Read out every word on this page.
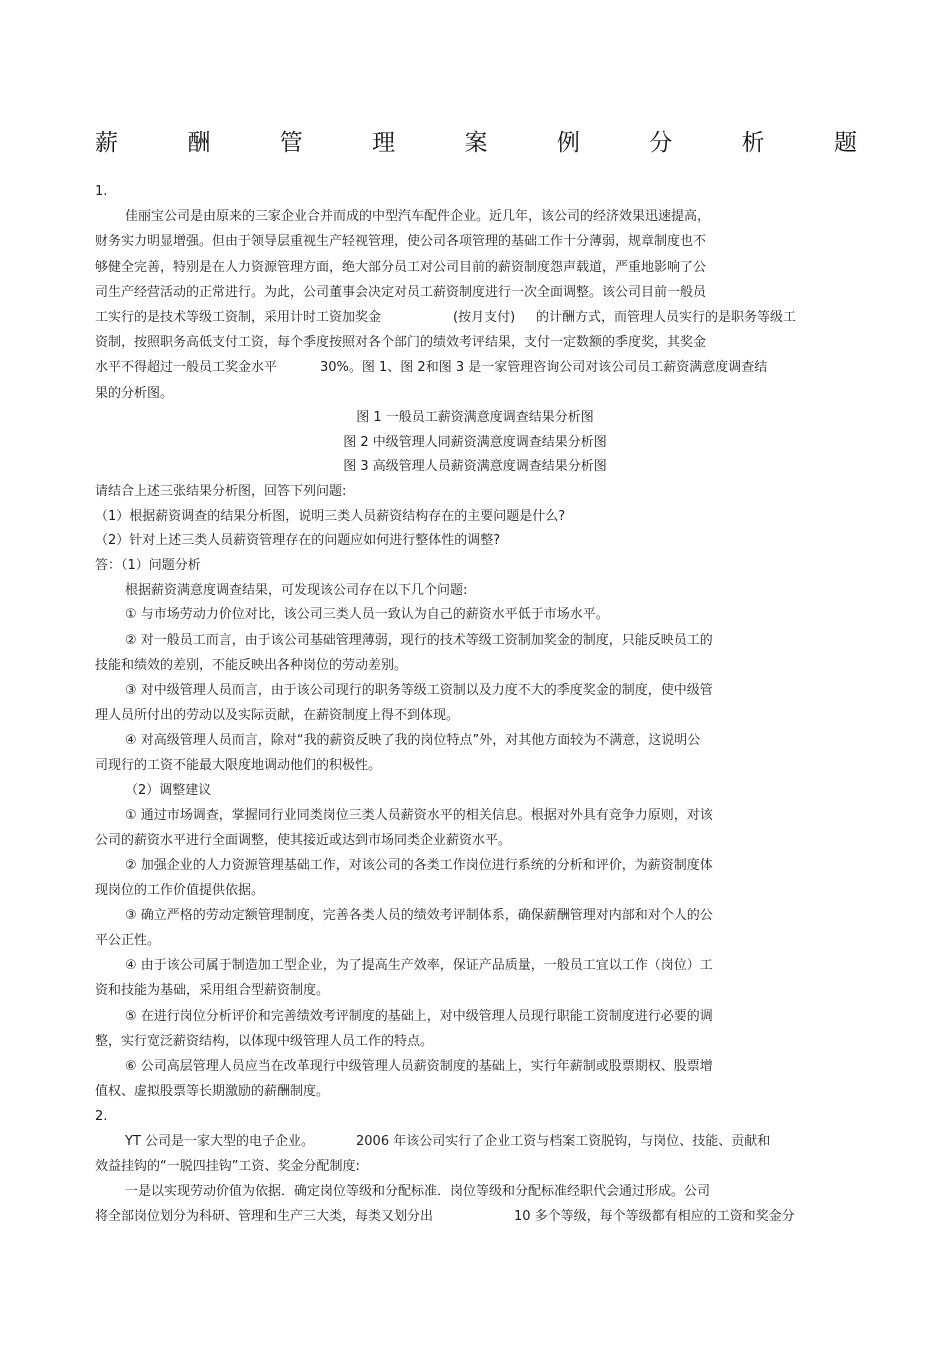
薪	酬	管	理	案	例	分	析	题
1.
佳丽宝公司是由原来的三家企业合并而成的中型汽车配件企业。近几年，该公司的经济效果迅速提高，
财务实力明显增强。但由于领导层重视生产轻视管理，使公司各项管理的基础工作十分薄弱，规章制度也不
够健全完善，特别是在人力资源管理方面，绝大部分员工对公司目前的薪资制度怨声载道，严重地影响了公
司生产经营活动的正常进行。为此，公司董事会决定对员工薪资制度进行一次全面调整。该公司目前一般员
工实行的是技术等级工资制，采用计时工资加奖金	(按月支付) 的计酬方式，而管理人员实行的是职务等级工
资制，按照职务高低支付工资，每个季度按照对各个部门的绩效考评结果，支付一定数额的季度奖，其奖金
水平不得超过一般员工奖金水平	30%。图 1、图 2和图 3 是一家管理咨询公司对该公司员工薪资满意度调查结
果的分析图。
请结合上述三张结果分析图，回答下列问题:
（1）根据薪资调查的结果分析图，说明三类人员薪资结构存在的主要问题是什么?
（2）针对上述三类人员薪资管理存在的问题应如何进行整体性的调整?
答：（1）问题分析
根据薪资满意度调查结果，可发现该公司存在以下几个问题:
① 与市场劳动力价位对比，该公司三类人员一致认为自己的薪资水平低于市场水平。
② 对一般员工而言，由于该公司基础管理薄弱，现行的技术等级工资制加奖金的制度，只能反映员工的
技能和绩效的差别，不能反映出各种岗位的劳动差别。
③ 对中级管理人员而言，由于该公司现行的职务等级工资制以及力度不大的季度奖金的制度，使中级管
理人员所付出的劳动以及实际贡献，在薪资制度上得不到体现。
④ 对高级管理人员而言，除对“我的薪资反映了我的岗位特点”外，对其他方面较为不满意，这说明公
司现行的工资不能最大限度地调动他们的积极性。
（2）调整建议
① 通过市场调查，掌握同行业同类岗位三类人员薪资水平的相关信息。根据对外具有竞争力原则，对该
公司的薪资水平进行全面调整，使其接近或达到市场同类企业薪资水平。
② 加强企业的人力资源管理基础工作，对该公司的各类工作岗位进行系统的分析和评价，为薪资制度体
现岗位的工作价值提供依据。
③ 确立严格的劳动定额管理制度，完善各类人员的绩效考评制体系，确保薪酬管理对内部和对个人的公
平公正性。
④ 由于该公司属于制造加工型企业，为了提高生产效率，保证产品质量，一般员工宜以工作（岗位）工
资和技能为基础，采用组合型薪资制度。
⑤ 在进行岗位分析评价和完善绩效考评制度的基础上，对中级管理人员现行职能工资制度进行必要的调
整，实行宽泛薪资结构，以体现中级管理人员工作的特点。
⑥ 公司高层管理人员应当在改革现行中级管理人员薪资制度的基础上，实行年薪制或股票期权、股票增
值权、虚拟股票等长期激励的薪酬制度。
2.
YT 公司是一家大型的电子企业。	2006 年该公司实行了企业工资与档案工资脱钩，与岗位、技能、贡献和
效益挂钩的“一脱四挂钩”工资、奖金分配制度:
一是以实现劳动价值为依据．确定岗位等级和分配标准．岗位等级和分配标准经职代会通过形成。公司
将全部岗位划分为科研、管理和生产三大类，每类又划分出	10 多个等级，每个等级都有相应的工资和奖金分
图 1 一般员工薪资满意度调查结果分析图
图 2 中级管理人同薪资满意度调查结果分析图
图 3 高级管理人员薪资满意度调查结果分析图
